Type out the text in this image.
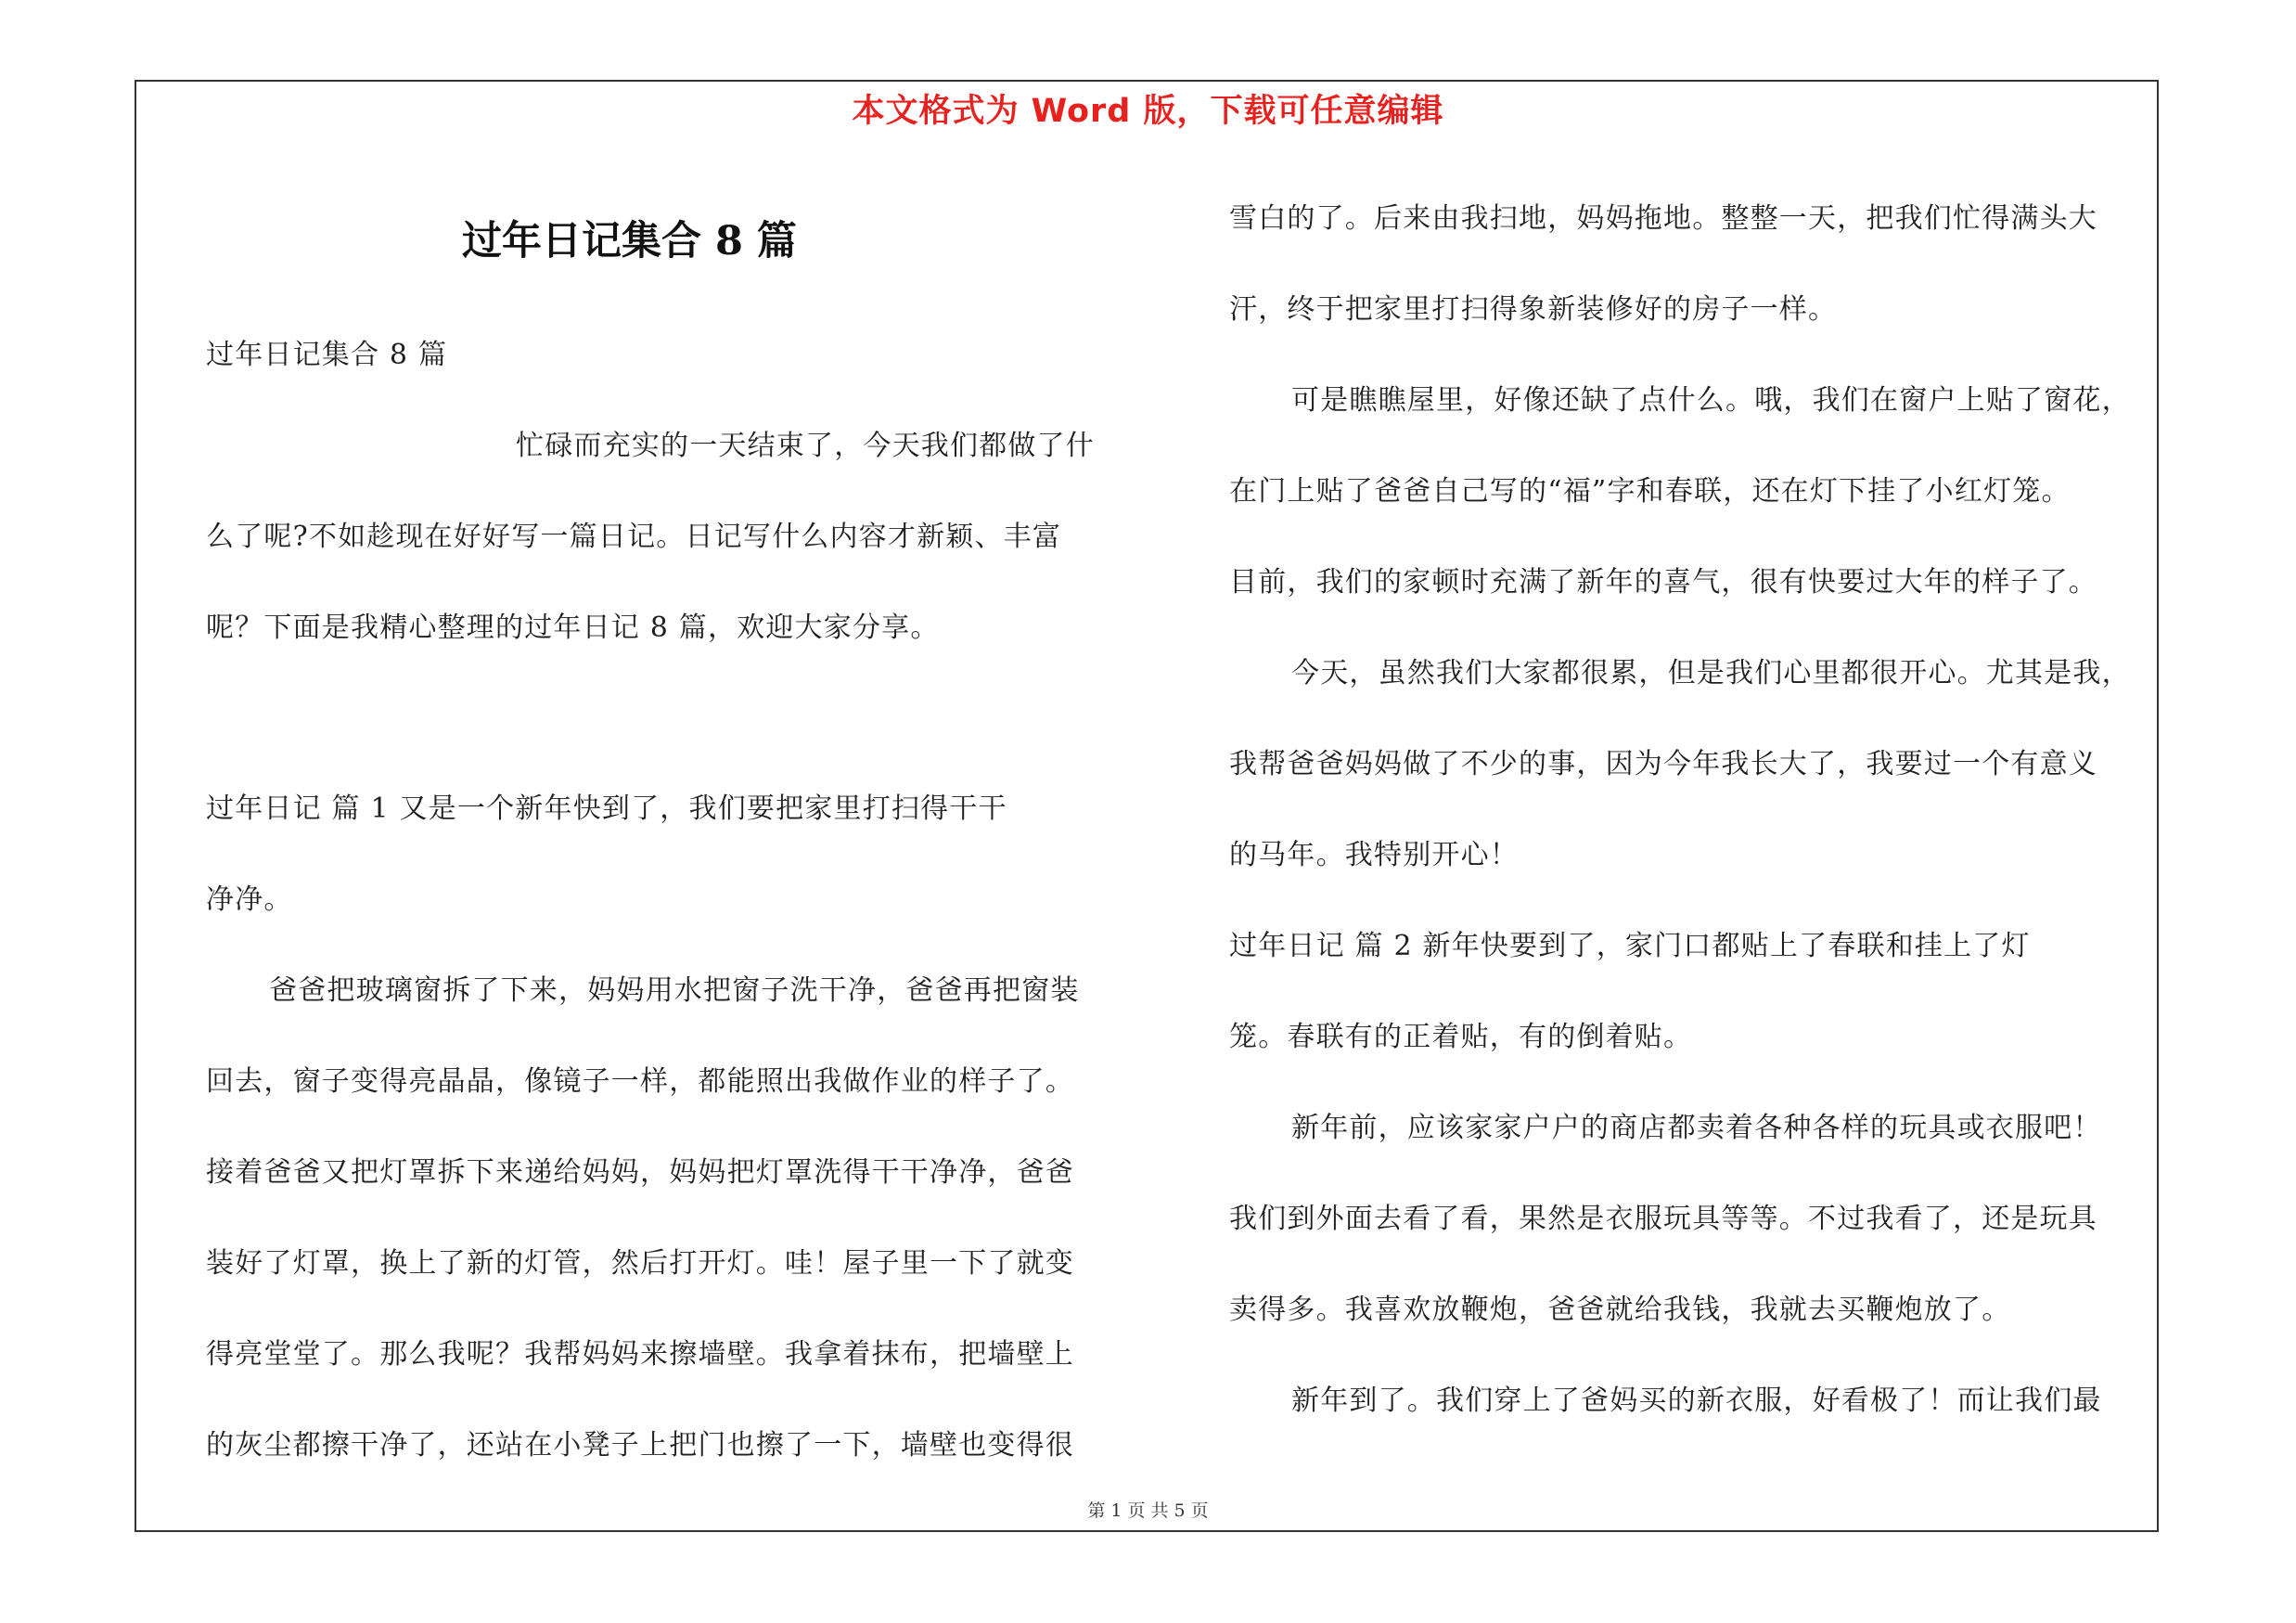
本文格式为 Word 版，下载可任意编辑
过年日记集合 8 篇
过年日记集合 8 篇
忙碌而充实的一天结束了，今天我们都做了什
么了呢?不如趁现在好好写一篇日记。日记写什么内容才新颖、丰富
呢？下面是我精心整理的过年日记 8 篇，欢迎大家分享。
过年日记 篇 1 又是一个新年快到了，我们要把家里打扫得干干
净净。
爸爸把玻璃窗拆了下来，妈妈用水把窗子洗干净，爸爸再把窗装
回去，窗子变得亮晶晶，像镜子一样，都能照出我做作业的样子了。
接着爸爸又把灯罩拆下来递给妈妈，妈妈把灯罩洗得干干净净，爸爸
装好了灯罩，换上了新的灯管，然后打开灯。哇！屋子里一下了就变
得亮堂堂了。那么我呢？我帮妈妈来擦墙壁。我拿着抹布，把墙壁上
的灰尘都擦干净了，还站在小凳子上把门也擦了一下，墙壁也变得很
雪白的了。后来由我扫地，妈妈拖地。整整一天，把我们忙得满头大
汗，终于把家里打扫得象新装修好的房子一样。
可是瞧瞧屋里，好像还缺了点什么。哦，我们在窗户上贴了窗花，
在门上贴了爸爸自己写的“福”字和春联，还在灯下挂了小红灯笼。
目前，我们的家顿时充满了新年的喜气，很有快要过大年的样子了。
今天，虽然我们大家都很累，但是我们心里都很开心。尤其是我，
我帮爸爸妈妈做了不少的事，因为今年我长大了，我要过一个有意义
的马年。我特别开心！
过年日记 篇 2 新年快要到了，家门口都贴上了春联和挂上了灯
笼。春联有的正着贴，有的倒着贴。
新年前，应该家家户户的商店都卖着各种各样的玩具或衣服吧！
我们到外面去看了看，果然是衣服玩具等等。不过我看了，还是玩具
卖得多。我喜欢放鞭炮，爸爸就给我钱，我就去买鞭炮放了。
新年到了。我们穿上了爸妈买的新衣服，好看极了！而让我们最
第 1 页 共 5 页
